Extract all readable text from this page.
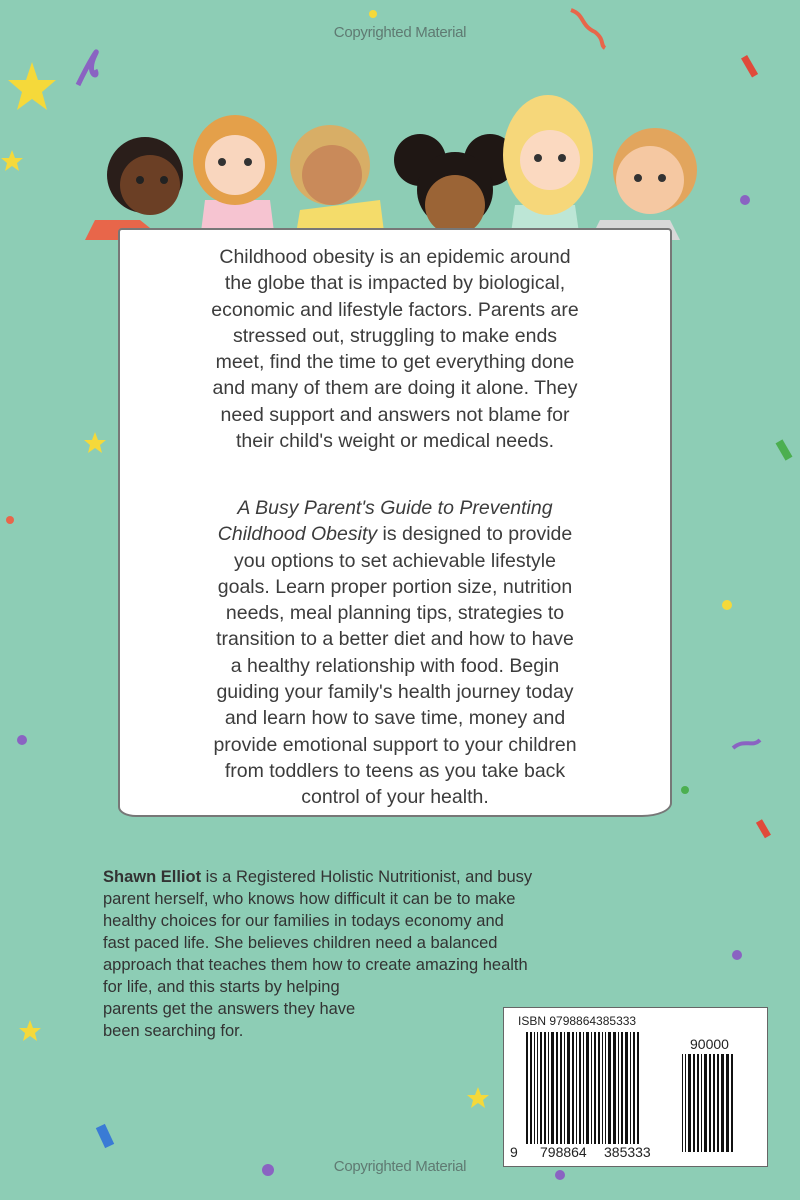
Copyrighted Material
Copyrighted Material
Childhood obesity is an epidemic around
the globe that is impacted by biological,
economic and lifestyle factors. Parents are
stressed out, struggling to make ends
meet, find the time to get everything done
and many of them are doing it alone. They
need support and answers not blame for
their child's weight or medical needs.
A Busy Parent's Guide to Preventing
Childhood Obesity is designed to provide
you options to set achievable lifestyle
goals. Learn proper portion size, nutrition
needs, meal planning tips, strategies to
transition to a better diet and how to have
a healthy relationship with food. Begin
guiding your family's health journey today
and learn how to save time, money and
provide emotional support to your children
from toddlers to teens as you take back
control of your health.
Shawn Elliot is a Registered Holistic Nutritionist, and busy
parent herself, who knows how difficult it can be to make
healthy choices for our families in todays economy and
fast paced life. She believes children need a balanced
approach that teaches them how to create amazing health
for life, and this starts by helping
parents get the answers they have
been searching for.
ISBN 9798864385333
90000
9 798864 385333
